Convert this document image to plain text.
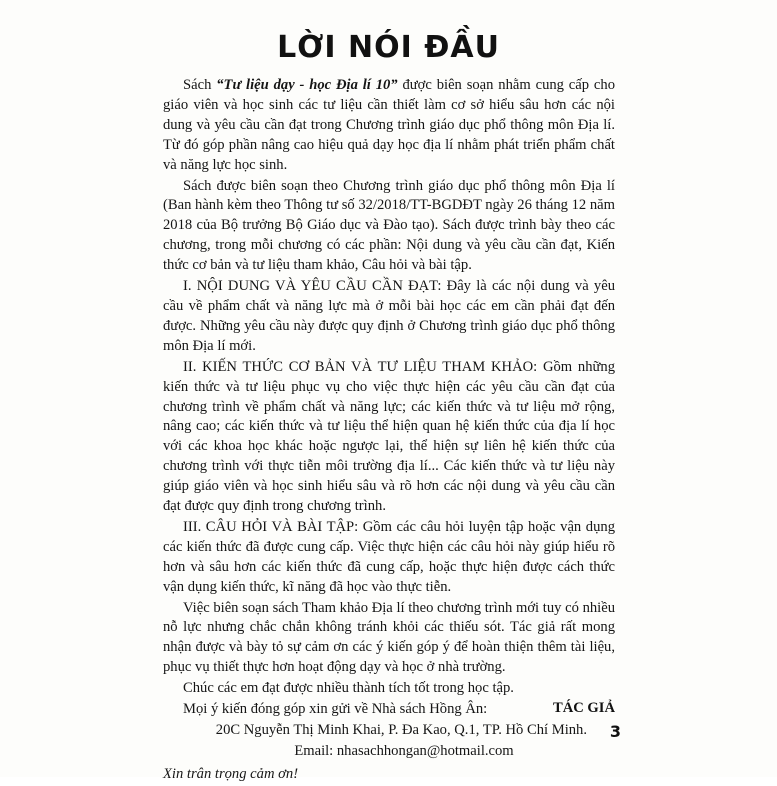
LỜI NÓI ĐẦU

Sách “Tư liệu dạy - học Địa lí 10” được biên soạn nhằm cung cấp cho giáo viên và học sinh các tư liệu cần thiết làm cơ sở hiểu sâu hơn các nội dung và yêu cầu cần đạt trong Chương trình giáo dục phổ thông môn Địa lí. Từ đó góp phần nâng cao hiệu quả dạy học địa lí nhằm phát triển phẩm chất và năng lực học sinh.

Sách được biên soạn theo Chương trình giáo dục phổ thông môn Địa lí (Ban hành kèm theo Thông tư số 32/2018/TT-BGDĐT ngày 26 tháng 12 năm 2018 của Bộ trưởng Bộ Giáo dục và Đào tạo). Sách được trình bày theo các chương, trong mỗi chương có các phần: Nội dung và yêu cầu cần đạt, Kiến thức cơ bản và tư liệu tham khảo, Câu hỏi và bài tập.

I. NỘI DUNG VÀ YÊU CẦU CẦN ĐẠT: Đây là các nội dung và yêu cầu về phẩm chất và năng lực mà ở mỗi bài học các em cần phải đạt đến được. Những yêu cầu này được quy định ở Chương trình giáo dục phổ thông môn Địa lí mới.

II. KIẾN THỨC CƠ BẢN VÀ TƯ LIỆU THAM KHẢO: Gồm những kiến thức và tư liệu phục vụ cho việc thực hiện các yêu cầu cần đạt của chương trình về phẩm chất và năng lực; các kiến thức và tư liệu mở rộng, nâng cao; các kiến thức và tư liệu thể hiện quan hệ kiến thức của địa lí học với các khoa học khác hoặc ngược lại, thể hiện sự liên hệ kiến thức của chương trình với thực tiễn môi trường địa lí... Các kiến thức và tư liệu này giúp giáo viên và học sinh hiểu sâu và rõ hơn các nội dung và yêu cầu cần đạt được quy định trong chương trình.

III. CÂU HỎI VÀ BÀI TẬP: Gồm các câu hỏi luyện tập hoặc vận dụng các kiến thức đã được cung cấp. Việc thực hiện các câu hỏi này giúp hiểu rõ hơn và sâu hơn các kiến thức đã cung cấp, hoặc thực hiện được cách thức vận dụng kiến thức, kĩ năng đã học vào thực tiễn.

Việc biên soạn sách Tham khảo Địa lí theo chương trình mới tuy có nhiều nỗ lực nhưng chắc chắn không tránh khỏi các thiếu sót. Tác giả rất mong nhận được và bày tỏ sự cảm ơn các ý kiến góp ý để hoàn thiện thêm tài liệu, phục vụ thiết thực hơn hoạt động dạy và học ở nhà trường.

Chúc các em đạt được nhiều thành tích tốt trong học tập.

Mọi ý kiến đóng góp xin gửi về Nhà sách Hồng Ân:

20C Nguyễn Thị Minh Khai, P. Đa Kao, Q.1, TP. Hồ Chí Minh.

Email: nhasachhongan@hotmail.com

Xin trân trọng cảm ơn!

TÁC GIẢ
3
